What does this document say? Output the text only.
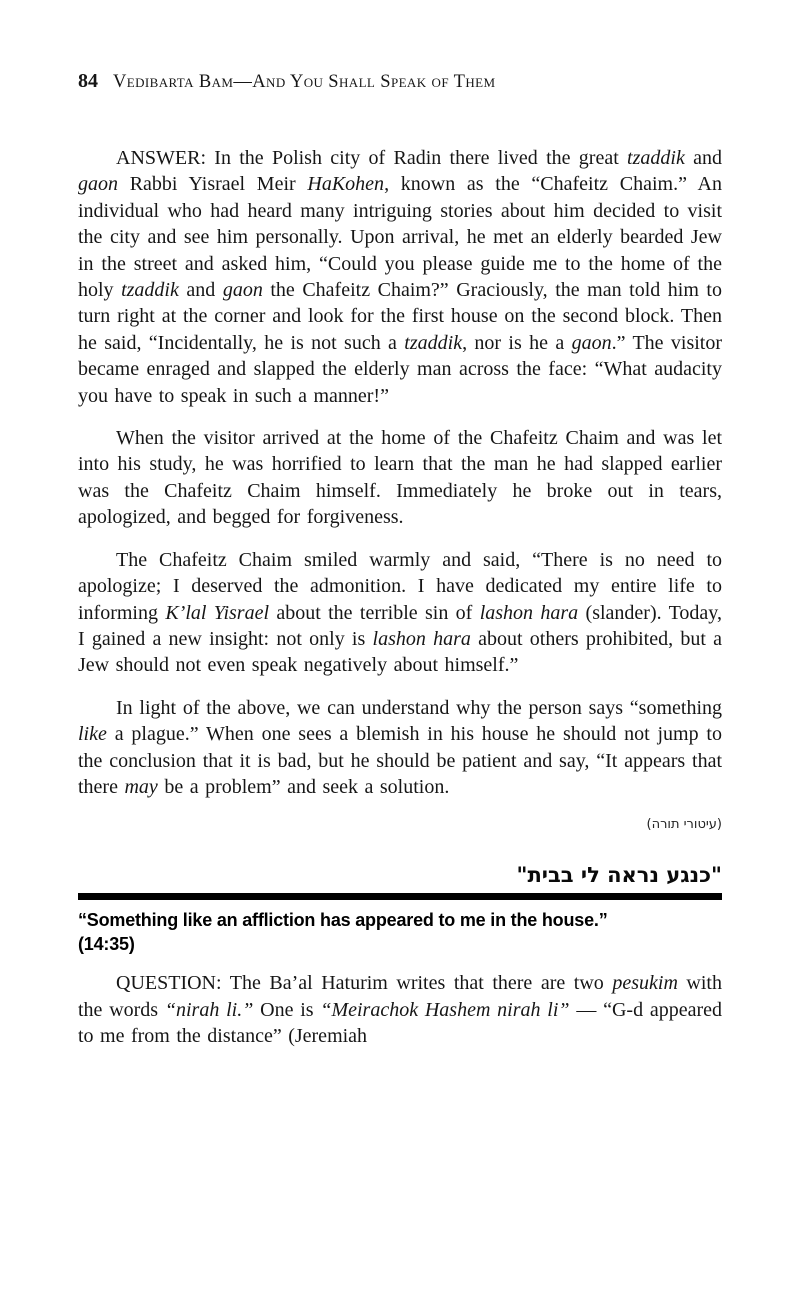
84 Vedibarta Bam—And You Shall Speak of Them

ANSWER: In the Polish city of Radin there lived the great tzaddik and gaon Rabbi Yisrael Meir HaKohen, known as the “Chafeitz Chaim.” An individual who had heard many intriguing stories about him decided to visit the city and see him personally. Upon arrival, he met an elderly bearded Jew in the street and asked him, “Could you please guide me to the home of the holy tzaddik and gaon the Chafeitz Chaim?” Graciously, the man told him to turn right at the corner and look for the first house on the second block. Then he said, “Incidentally, he is not such a tzaddik, nor is he a gaon.” The visitor became enraged and slapped the elderly man across the face: “What audacity you have to speak in such a manner!”

When the visitor arrived at the home of the Chafeitz Chaim and was let into his study, he was horrified to learn that the man he had slapped earlier was the Chafeitz Chaim himself. Immediately he broke out in tears, apologized, and begged for forgiveness.

The Chafeitz Chaim smiled warmly and said, “There is no need to apologize; I deserved the admonition. I have dedicated my entire life to informing K’lal Yisrael about the terrible sin of lashon hara (slander). Today, I gained a new insight: not only is lashon hara about others prohibited, but a Jew should not even speak negatively about himself.”

In light of the above, we can understand why the person says “something like a plague.” When one sees a blemish in his house he should not jump to the conclusion that it is bad, but he should be patient and say, “It appears that there may be a problem” and seek a solution.

(עיטורי תורה)

"כנגע נראה לי בבית"
“Something like an affliction has appeared to me in the house.”
(14:35)

QUESTION: The Ba’al Haturim writes that there are two pesukim with the words “nirah li.” One is “Meirachok Hashem nirah li” — “G-d appeared to me from the distance” (Jeremiah
